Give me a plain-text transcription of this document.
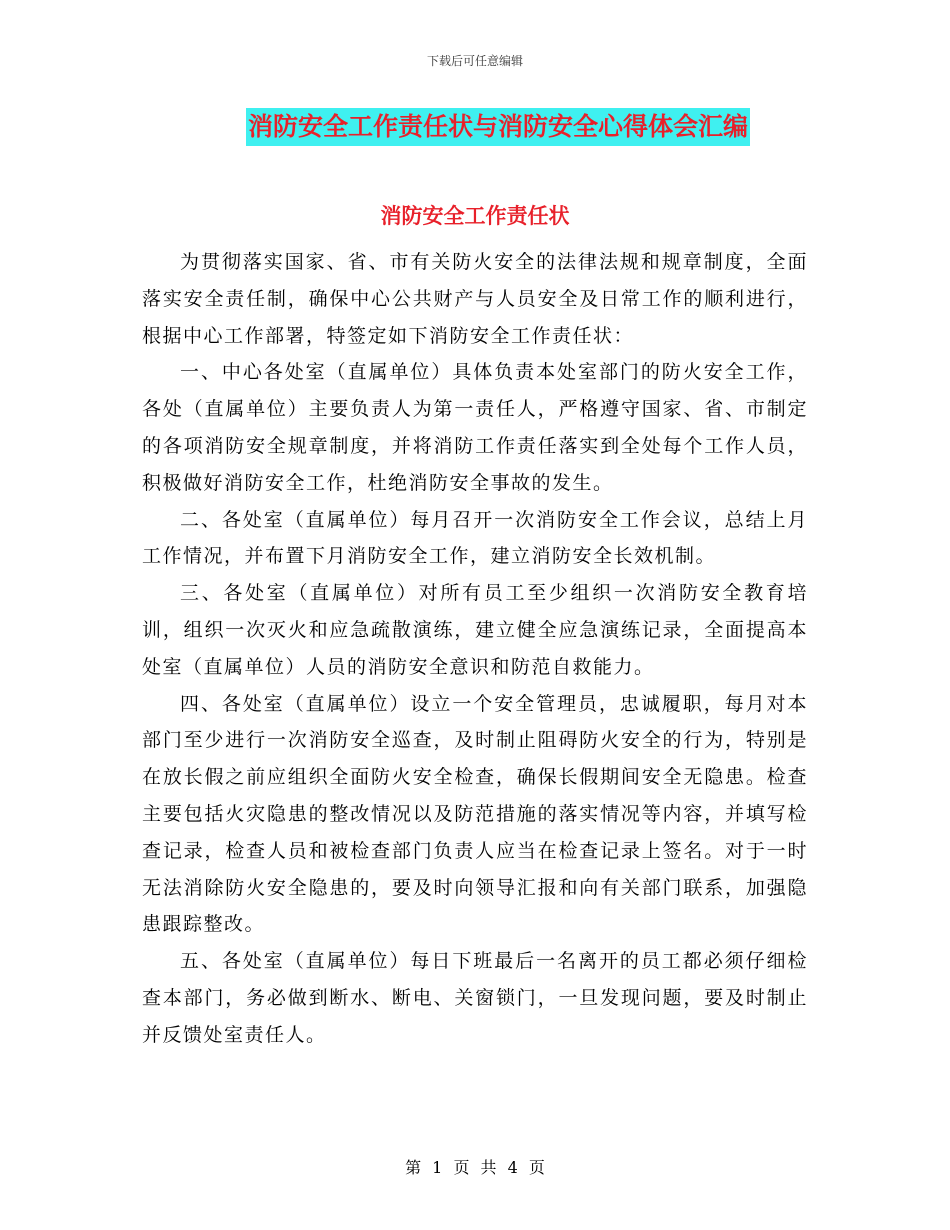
下载后可任意编辑
消防安全工作责任状与消防安全心得体会汇编
消防安全工作责任状

为贯彻落实国家、省、市有关防火安全的法律法规和规章制度，全面落实安全责任制，确保中心公共财产与人员安全及日常工作的顺利进行，根据中心工作部署，特签定如下消防安全工作责任状：

一、中心各处室（直属单位）具体负责本处室部门的防火安全工作，各处（直属单位）主要负责人为第一责任人，严格遵守国家、省、市制定的各项消防安全规章制度，并将消防工作责任落实到全处每个工作人员，积极做好消防安全工作，杜绝消防安全事故的发生。

二、各处室（直属单位）每月召开一次消防安全工作会议，总结上月工作情况，并布置下月消防安全工作，建立消防安全长效机制。

三、各处室（直属单位）对所有员工至少组织一次消防安全教育培训，组织一次灭火和应急疏散演练，建立健全应急演练记录，全面提高本处室（直属单位）人员的消防安全意识和防范自救能力。

四、各处室（直属单位）设立一个安全管理员，忠诚履职，每月对本部门至少进行一次消防安全巡查，及时制止阻碍防火安全的行为，特别是在放长假之前应组织全面防火安全检查，确保长假期间安全无隐患。检查主要包括火灾隐患的整改情况以及防范措施的落实情况等内容，并填写检查记录，检查人员和被检查部门负责人应当在检查记录上签名。对于一时无法消除防火安全隐患的，要及时向领导汇报和向有关部门联系，加强隐患跟踪整改。

五、各处室（直属单位）每日下班最后一名离开的员工都必须仔细检查本部门，务必做到断水、断电、关窗锁门，一旦发现问题，要及时制止并反馈处室责任人。

第 1 页 共 4 页
